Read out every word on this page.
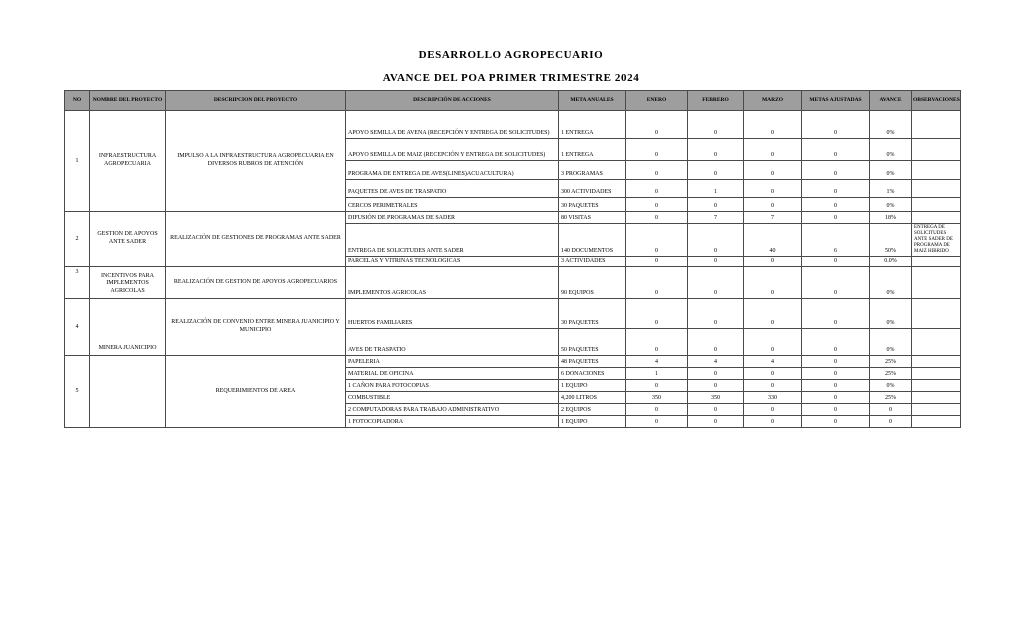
DESARROLLO AGROPECUARIO
AVANCE DEL POA PRIMER TRIMESTRE 2024
NO	NOMBRE DEL PROYECTO	DESCRIPCION DEL PROYECTO	DESCRIPCIÓN DE ACCIONES	META ANUALES	ENERO	FEBRERO	MARZO	METAS AJUSTADAS	AVANCE	OBSERVACIONES
1	INFRAESTRUCTURA AGROPECUARIA	IMPULSO A LA INFRAESTRUCTURA AGROPECUARIA EN DIVERSOS RUBROS DE ATENCIÓN	APOYO SEMILLA DE AVENA (RECEPCIÓN Y ENTREGA DE SOLICITUDES)	1 ENTREGA	0	0	0	0	0%	
			APOYO SEMILLA DE MAIZ (RECEPCIÓN Y ENTREGA DE SOLICITUDES)	1 ENTREGA	0	0	0	0	0%	
			PROGRAMA DE ENTREGA DE AVES(LINES)ACUACULTURA)	3 PROGRAMAS	0	0	0	0	0%	
			PAQUETES DE AVES DE TRASPATIO	300 ACTIVIDADES	0	1	0	0	1%	
			CERCOS PERIMETRALES	30 PAQUETES	0	0	0	0	0%	
2	GESTION DE APOYOS ANTE SADER	REALIZACIÓN DE GESTIONES DE PROGRAMAS ANTE SADER	DIFUSIÓN DE PROGRAMAS DE SADER	80 VISITAS	0	7	7	0	18%	
			ENTREGA DE SOLICITUDES ANTE SADER	140 DOCUMENTOS	0	0	40	6	50%	ENTREGA DE SOLICITUDES ANTE SADER DE PROGRAMA DE MAIZ HIBRIDO
			PARCELAS Y VITRINAS TECNOLOGICAS	3 ACTIVIDADES	0	0	0	0	0.0%	
3	INCENTIVOS PARA IMPLEMENTOS AGRICOLAS	REALIZACIÓN DE GESTION DE APOYOS AGROPECUARIOS	IMPLEMENTOS AGRICOLAS	90 EQUIPOS	0	0	0	0	0%	
4	MINERA JUANICIPIO	REALIZACIÓN DE CONVENIO ENTRE MINERA JUANICIPIO Y MUNICIPIO	HUERTOS FAMILIARES	30 PAQUETES	0	0	0	0	0%	
			AVES DE TRASPATIO	50 PAQUETES	0	0	0	0	0%	
5		REQUERIMIENTOS DE AREA	PAPELERIA	48 PAQUETES	4	4	4	0	25%	
			MATERIAL DE OFICINA	6 DONACIONES	1	0	0	0	25%	
			1 CAÑON PARA FOTOCOPIAS	1 EQUIPO	0	0	0	0	0%	
			COMBUSTIBLE	4,200 LITROS	350	350	330	0	25%	
			2 COMPUTADORAS PARA TRABAJO ADMINISTRATIVO	2 EQUIPOS	0	0	0	0	0	
			1 FOTOCOPIADORA	1 EQUIPO	0	0	0	0	0	
